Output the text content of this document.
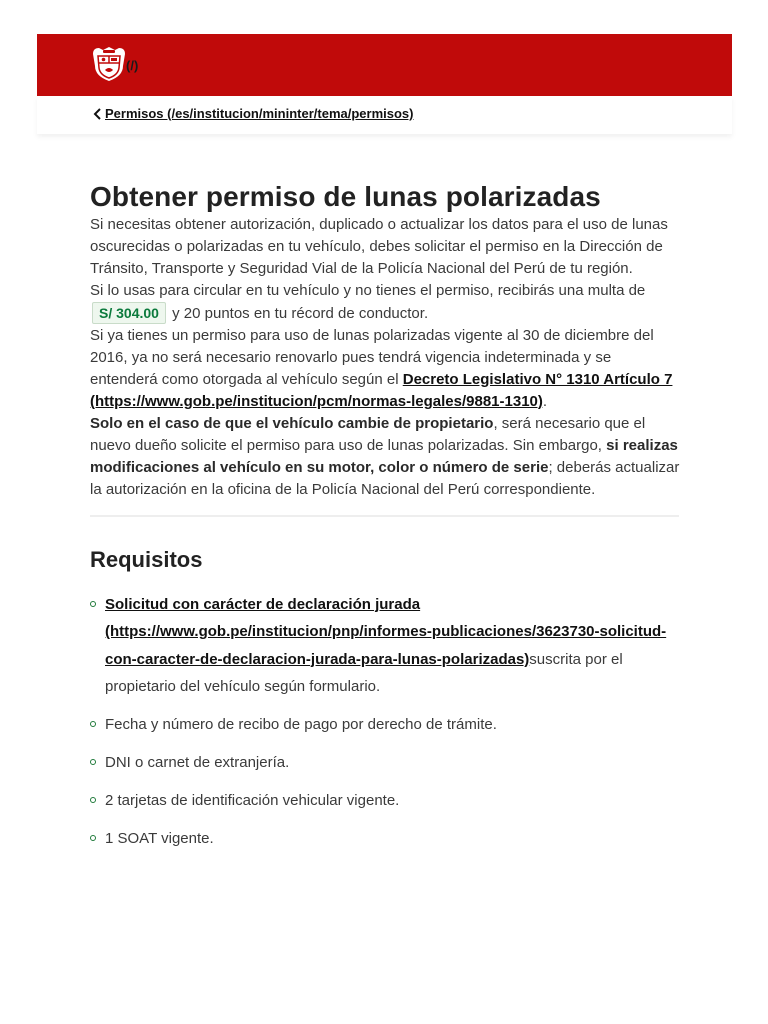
(/)
Permisos (/es/institucion/mininter/tema/permisos)
Obtener permiso de lunas polarizadas

Si necesitas obtener autorización, duplicado o actualizar los datos para el uso de lunas oscurecidas o polarizadas en tu vehículo, debes solicitar el permiso en la Dirección de Tránsito, Transporte y Seguridad Vial de la Policía Nacional del Perú de tu región.

Si lo usas para circular en tu vehículo y no tienes el permiso, recibirás una multa de S/ 304.00 y 20 puntos en tu récord de conductor.

Si ya tienes un permiso para uso de lunas polarizadas vigente al 30 de diciembre del 2016, ya no será necesario renovarlo pues tendrá vigencia indeterminada y se entenderá como otorgada al vehículo según el Decreto Legislativo N° 1310 Artículo 7 (https://www.gob.pe/institucion/pcm/normas-legales/9881-1310).

Solo en el caso de que el vehículo cambie de propietario, será necesario que el nuevo dueño solicite el permiso para uso de lunas polarizadas. Sin embargo, si realizas modificaciones al vehículo en su motor, color o número de serie; deberás actualizar la autorización en la oficina de la Policía Nacional del Perú correspondiente.

Requisitos
Solicitud con carácter de declaración jurada (https://www.gob.pe/institucion/pnp/informes-publicaciones/3623730-solicitud-con-caracter-de-declaracion-jurada-para-lunas-polarizadas)suscrita por el propietario del vehículo según formulario.
Fecha y número de recibo de pago por derecho de trámite.
DNI o carnet de extranjería.
2 tarjetas de identificación vehicular vigente.
1 SOAT vigente.
